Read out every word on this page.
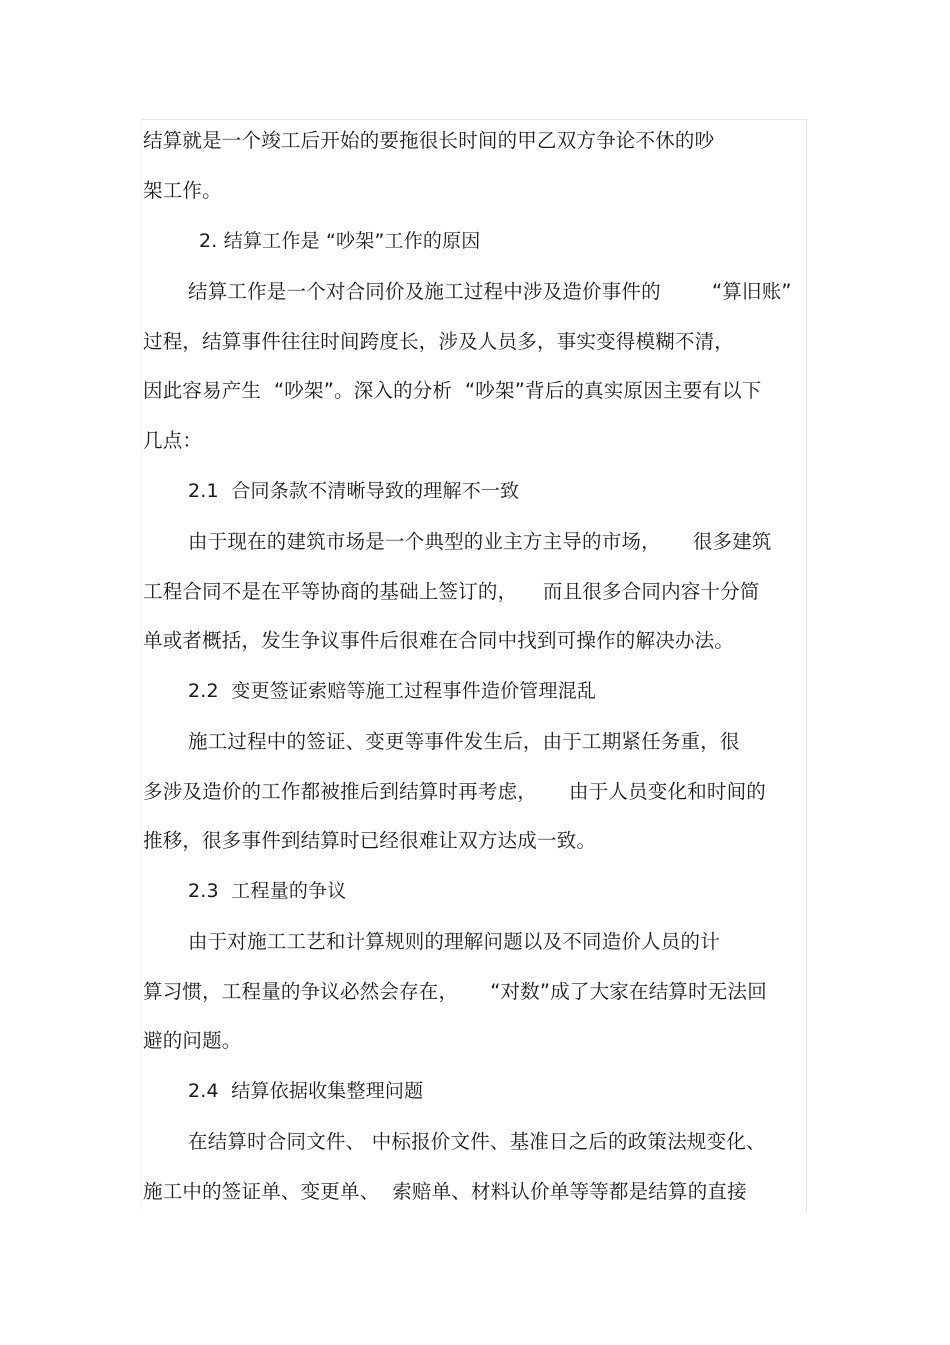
结算就是一个竣工后开始的要拖很长时间的甲乙双方争论不休的吵
架工作。
2. 结算工作是 “吵架”工作的原因
结算工作是一个对合同价及施工过程中涉及造价事件的        “算旧账”
过程，结算事件往往时间跨度长，涉及人员多，事实变得模糊不清，
因此容易产生  “吵架”。深入的分析  “吵架”背后的真实原因主要有以下
几点：
2.1  合同条款不清晰导致的理解不一致
由于现在的建筑市场是一个典型的业主方主导的市场，     很多建筑
工程合同不是在平等协商的基础上签订的，    而且很多合同内容十分简
单或者概括，发生争议事件后很难在合同中找到可操作的解决办法。
2.2  变更签证索赔等施工过程事件造价管理混乱
施工过程中的签证、变更等事件发生后，由于工期紧任务重，很
多涉及造价的工作都被推后到结算时再考虑，     由于人员变化和时间的
推移，很多事件到结算时已经很难让双方达成一致。
2.3  工程量的争议
由于对施工工艺和计算规则的理解问题以及不同造价人员的计
算习惯，工程量的争议必然会存在，     “对数”成了大家在结算时无法回
避的问题。
2.4  结算依据收集整理问题
在结算时合同文件、 中标报价文件、基准日之后的政策法规变化、
施工中的签证单、变更单、  索赔单、材料认价单等等都是结算的直接
